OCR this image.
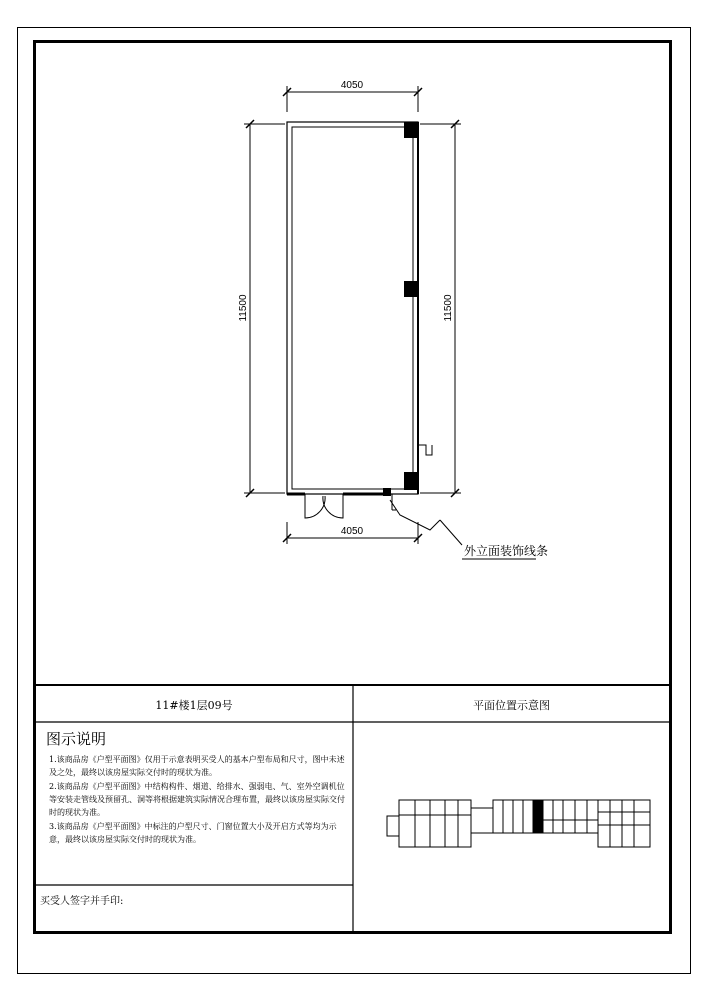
4050
4050
11500	11500
外立面装饰线条
11#楼1层09号	平面位置示意图
图示说明

1.该商品房《户型平面图》仅用于示意表明买受人的基本户型布局和尺寸，图中未述及之处，最终以该房屋实际交付时的现状为准。

2.该商品房《户型平面图》中结构构件、烟道、给排水、强弱电、气、室外空调机位等安装走管线及预留孔、洞等将根据建筑实际情况合理布置，最终以该房屋实际交付时的现状为准。

3.该商品房《户型平面图》中标注的户型尺寸、门窗位置大小及开启方式等均为示意，最终以该房屋实际交付时的现状为准。

买受人签字并手印:
